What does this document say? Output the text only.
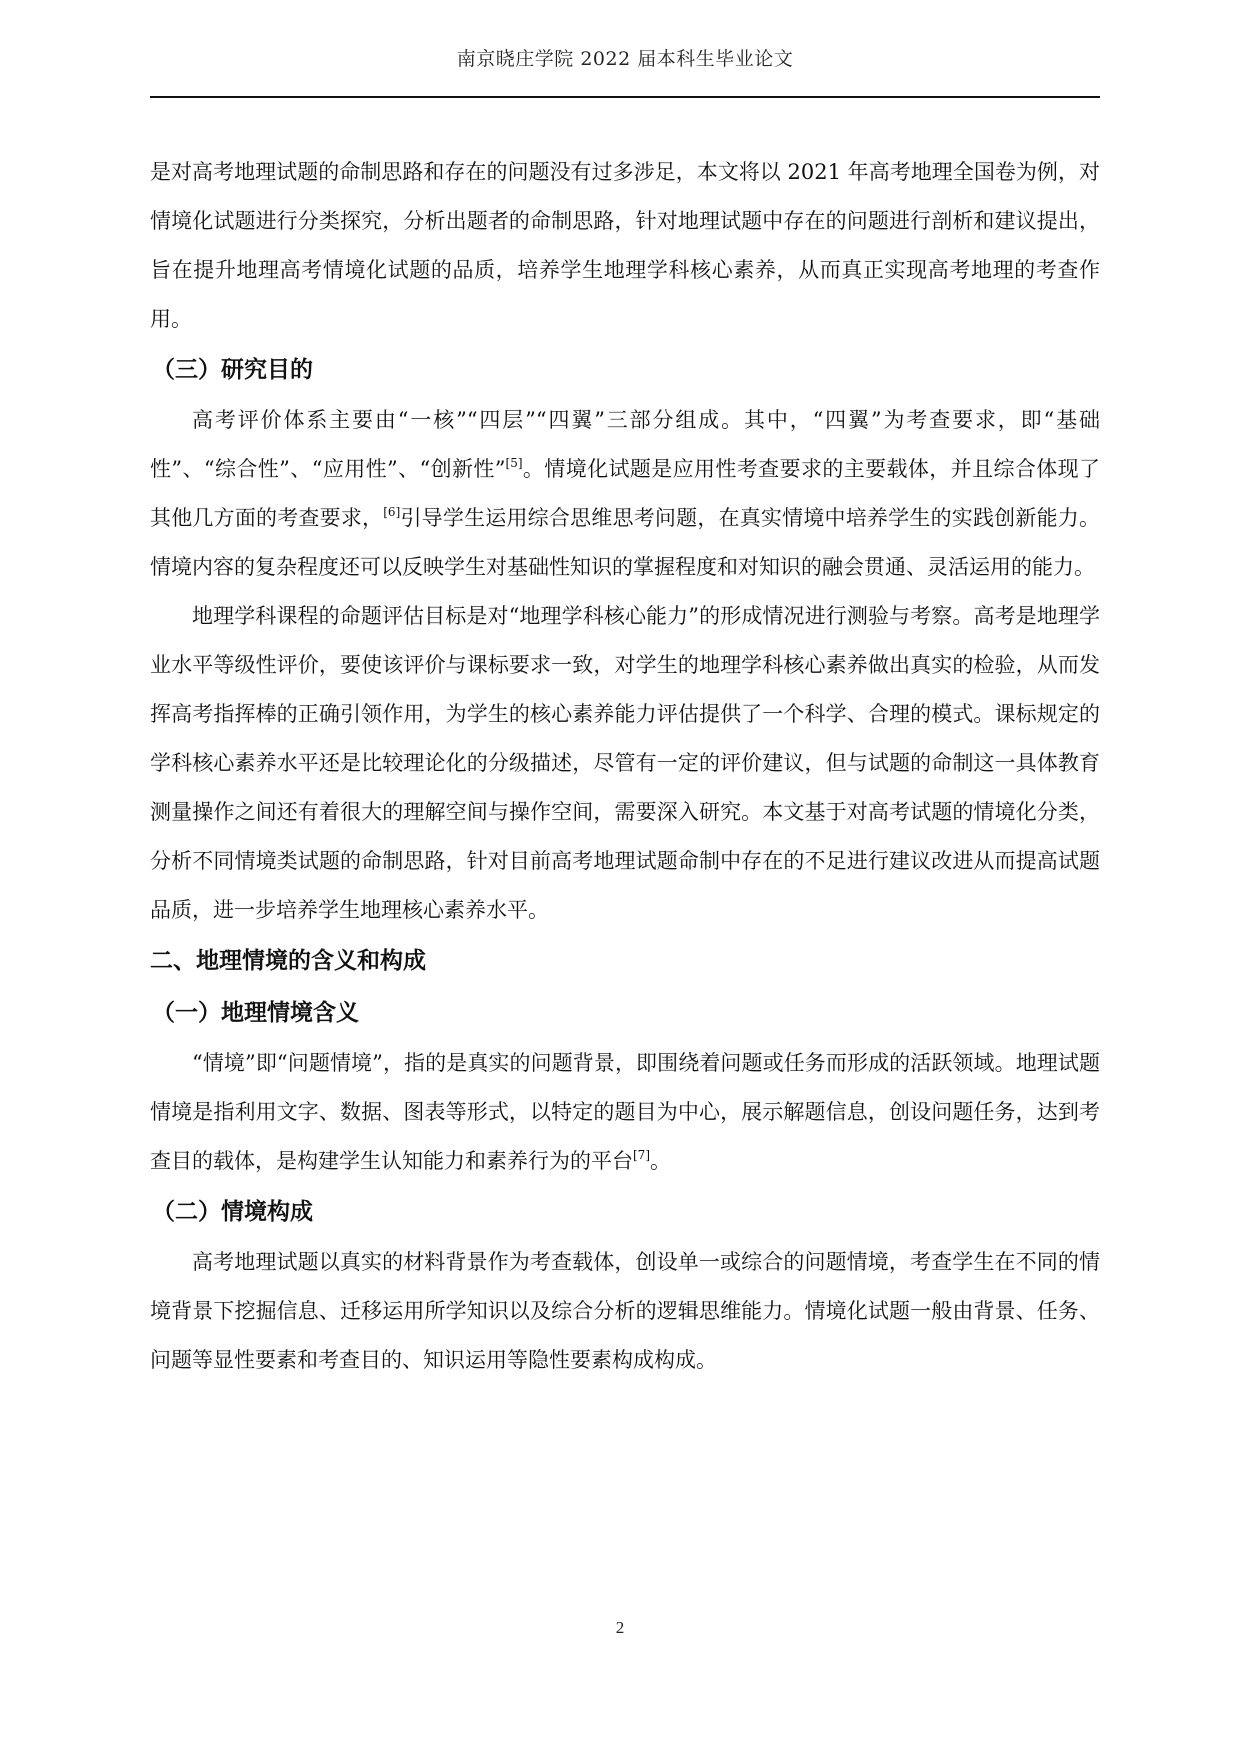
南京晓庄学院 2022 届本科生毕业论文

是对高考地理试题的命制思路和存在的问题没有过多涉足，本文将以 2021 年高考地理全国卷为例，对情境化试题进行分类探究，分析出题者的命制思路，针对地理试题中存在的问题进行剖析和建议提出，旨在提升地理高考情境化试题的品质，培养学生地理学科核心素养，从而真正实现高考地理的考查作用。

（三）研究目的

高考评价体系主要由“一核”“四层”“四翼”三部分组成。其中，“四翼”为考查要求，即“基础性”、“综合性”、“应用性”、“创新性”[5]。情境化试题是应用性考查要求的主要载体，并且综合体现了其他几方面的考查要求，[6]引导学生运用综合思维思考问题，在真实情境中培养学生的实践创新能力。情境内容的复杂程度还可以反映学生对基础性知识的掌握程度和对知识的融会贯通、灵活运用的能力。

地理学科课程的命题评估目标是对“地理学科核心能力”的形成情况进行测验与考察。高考是地理学业水平等级性评价，要使该评价与课标要求一致，对学生的地理学科核心素养做出真实的检验，从而发挥高考指挥棒的正确引领作用，为学生的核心素养能力评估提供了一个科学、合理的模式。课标规定的学科核心素养水平还是比较理论化的分级描述，尽管有一定的评价建议，但与试题的命制这一具体教育测量操作之间还有着很大的理解空间与操作空间，需要深入研究。本文基于对高考试题的情境化分类，分析不同情境类试题的命制思路，针对目前高考地理试题命制中存在的不足进行建议改进从而提高试题品质，进一步培养学生地理核心素养水平。

二、地理情境的含义和构成
（一）地理情境含义

“情境”即“问题情境”，指的是真实的问题背景，即围绕着问题或任务而形成的活跃领域。地理试题情境是指利用文字、数据、图表等形式，以特定的题目为中心，展示解题信息，创设问题任务，达到考查目的载体，是构建学生认知能力和素养行为的平台[7]。

（二）情境构成

高考地理试题以真实的材料背景作为考查载体，创设单一或综合的问题情境，考查学生在不同的情境背景下挖掘信息、迁移运用所学知识以及综合分析的逻辑思维能力。情境化试题一般由背景、任务、问题等显性要素和考查目的、知识运用等隐性要素构成构成。

2
